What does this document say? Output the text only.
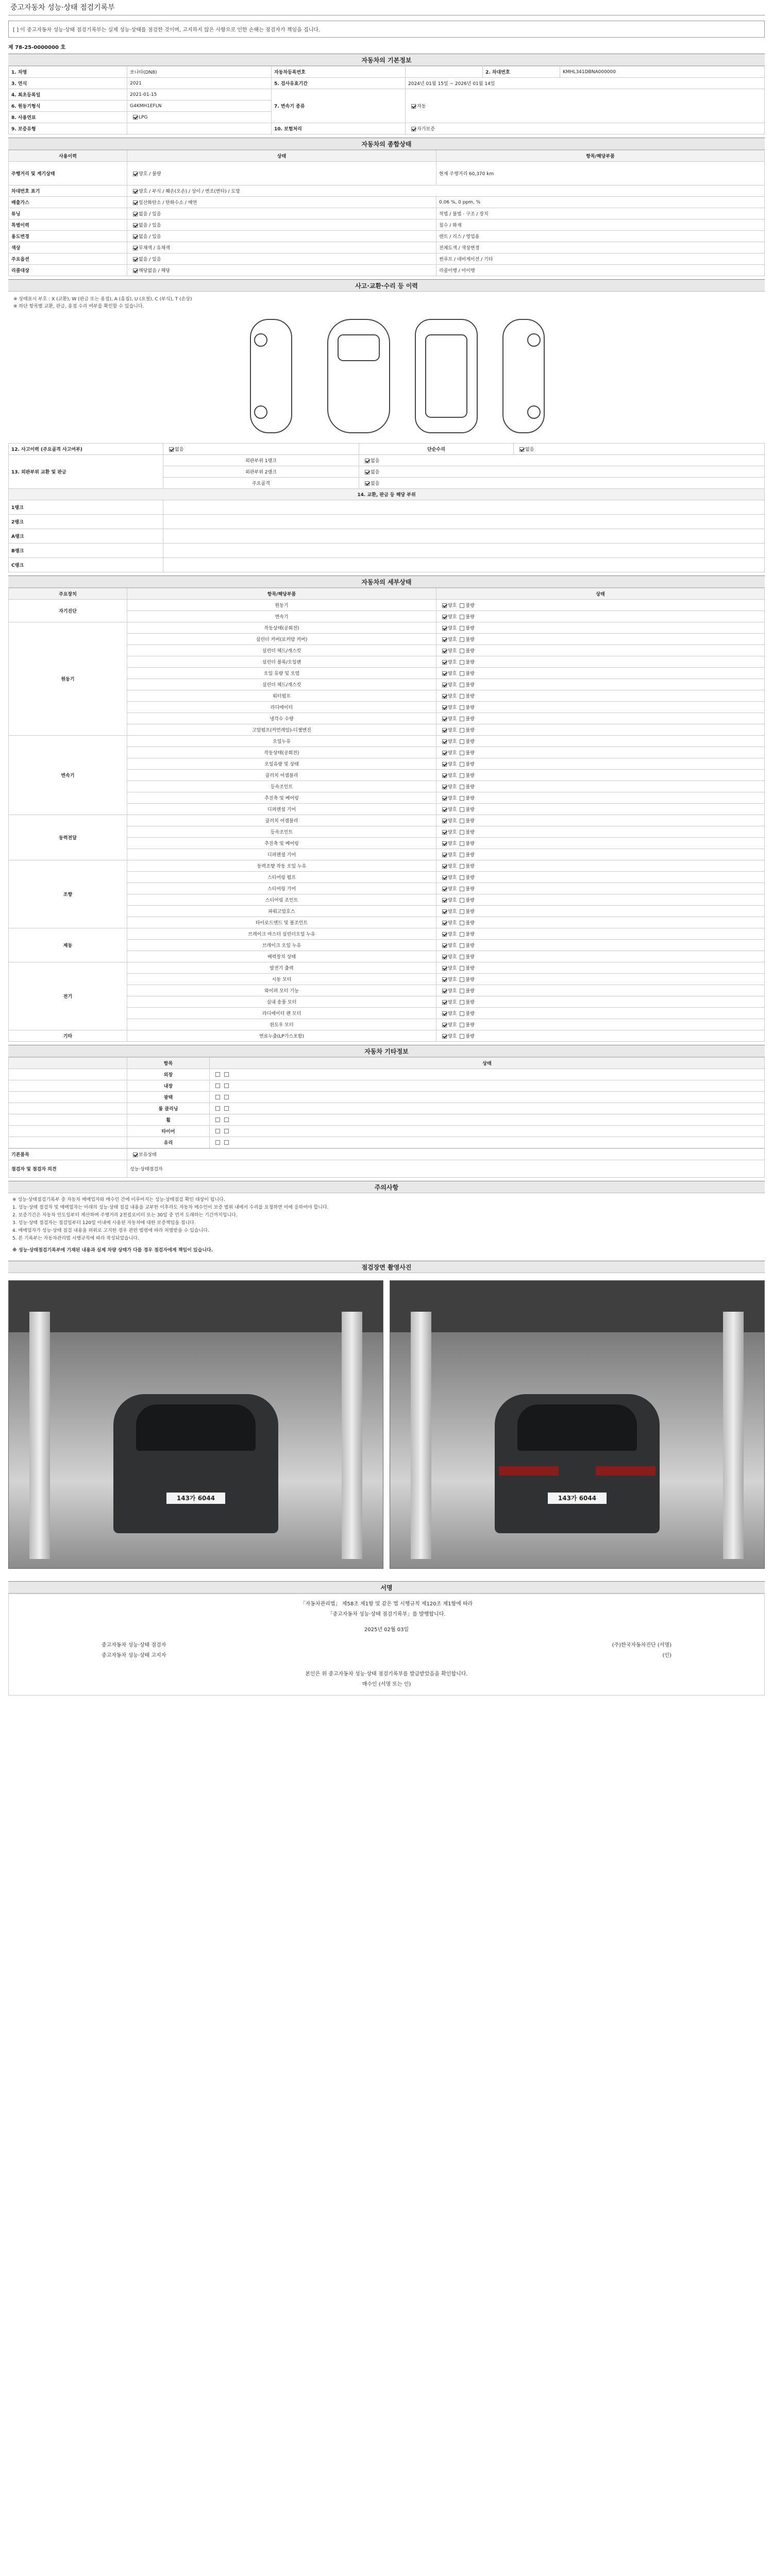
중고자동차 성능·상태 점검기록부
[ ] 이 중고자동차 성능·상태 점검기록부는 실제 성능·상태를 점검한 것이며, 고지하지 않은 사항으로 인한 손해는 점검자가 책임을 집니다.
제 78-25-0000000 호
자동차의 기본정보
1. 차명	쏘나타(DN8)	자동차등록번호		2. 차대번호	KMHL341DBNA000000
3. 연식	2021	5. 검사유효기간	2024년 01월 15일 ~ 2026년 01월 14일		
4. 최초등록일	2021-01-15	7. 변속기 종류	자동		
6. 원동기형식	G4KMH1EFLN				
8. 사용연료	LPG				
9. 보증유형		10. 보험처리	자가보증		
자동차의 종합상태
사용이력	상태	항목/해당부품
주행거리 및 계기상태	양호 / 불량	현재 주행거리 60,370 km
차대번호 표기	양호 / 부식 / 훼손(오손) / 상이 / 변조(변타) / 도말	
배출가스	일산화탄소 / 탄화수소 / 매연	0.06 %, 0 ppm, %
튜닝	없음 / 있음	적법 / 불법 · 구조 / 장치
특별이력	없음 / 있음	침수 / 화재
용도변경	없음 / 있음	렌트 / 리스 / 영업용
색상	무채색 / 유채색	전체도색 / 색상변경
주요옵션	없음 / 있음	썬루프 / 네비게이션 / 기타
리콜대상	해당없음 / 해당	리콜이행 / 미이행
사고·교환·수리 등 이력
※ 상태표시 부호 : X (교환), W (판금 또는 용접), A (흠집), U (요철), C (부식), T (손상)
※ 하단 항목별 교환, 판금, 용접 수리 여부를 확인할 수 있습니다.
12. 사고이력 (주요골격 사고여부)	없음	단순수리	없음
13. 외판부위 교환 및 판금	외판부위 1랭크	없음	
	외판부위 2랭크	없음	
	주요골격	없음	
14. 교환, 판금 등 해당 부위			
1랭크			
2랭크			
A랭크			
B랭크			
C랭크			
자동차의 세부상태
주요장치	항목/해당부품	상태
자기진단	원동기	양호 불량
	변속기	양호 불량
원동기	작동상태(공회전)	양호 불량
	실린더 커버(로커암 커버)	양호 불량
	실린더 헤드/개스킷	양호 불량
	실린더 블록/오일팬	양호 불량
	오일 유량 및 오염	양호 불량
	실린더 헤드/개스킷	양호 불량
	워터펌프	양호 불량
	라디에이터	양호 불량
	냉각수 수량	양호 불량
	고압펌프(커먼레일)-디젤엔진	양호 불량
변속기	오일누유	양호 불량
	작동상태(공회전)	양호 불량
	오일유량 및 상태	양호 불량
	클러치 어셈블리	양호 불량
	등속조인트	양호 불량
	추진축 및 베어링	양호 불량
	디퍼렌셜 기어	양호 불량
동력전달	클러치 어셈블리	양호 불량
	등속조인트	양호 불량
	추진축 및 베어링	양호 불량
	디퍼렌셜 기어	양호 불량
조향	동력조향 작동 오일 누유	양호 불량
	스티어링 펌프	양호 불량
	스티어링 기어	양호 불량
	스티어링 조인트	양호 불량
	파워고압호스	양호 불량
	타이로드엔드 및 볼조인트	양호 불량
제동	브레이크 마스터 실린더오일 누유	양호 불량
	브레이크 오일 누유	양호 불량
	배력장치 상태	양호 불량
전기	발전기 출력	양호 불량
	시동 모터	양호 불량
	와이퍼 모터 기능	양호 불량
	실내 송풍 모터	양호 불량
	라디에이터 팬 모터	양호 불량
	윈도우 모터	양호 불량
기타	연료누출(LP가스포함)	양호 불량
자동차 기타정보
	항목	상태
	외장	
	내장	
	광택	
	룸 클리닝	
	휠	
	타이어	
	유리	
기본품목	보유상태
점검자 및 점검자 의견	성능·상태점검자
주의사항
※ 성능·상태점검기록부 중 자동차 매매업자와 매수인 간에 이루어지는 성능·상태점검 확인 대상이 됩니다.
1. 성능·상태 점검자 및 매매업자는 아래의 성능·상태 점검 내용을 교부한 이후라도 자동차 매수인이 보증 범위 내에서 수리를 요청하면 이에 응하여야 합니다.
2. 보증기간은 자동차 인도일부터 계산하며 주행거리 2천킬로미터 또는 30일 중 먼저 도래하는 기간까지입니다.
3. 성능·상태 점검자는 점검일부터 120일 이내에 사용된 자동차에 대한 보증책임을 집니다.
4. 매매업자가 성능·상태 점검 내용을 허위로 고지한 경우 관련 법령에 따라 처벌받을 수 있습니다.
5. 본 기록부는 자동차관리법 시행규칙에 따라 작성되었습니다.
※ 성능·상태점검기록부에 기재된 내용과 실제 차량 상태가 다를 경우 점검자에게 책임이 있습니다.
점검장면 촬영사진
143가 6044	143가 6044
서명
「자동차관리법」 제58조 제1항 및 같은 법 시행규칙 제120조 제1항에 따라
「중고자동차 성능·상태 점검기록부」를 발행합니다.
2025년 02월 03일
중고자동차 성능·상태 점검자	(주)한국자동차진단 (서명)
중고자동차 성능·상태 고지자	(인)
본인은 위 중고자동차 성능·상태 점검기록부를 발급받았음을 확인합니다.
매수인 (서명 또는 인)
